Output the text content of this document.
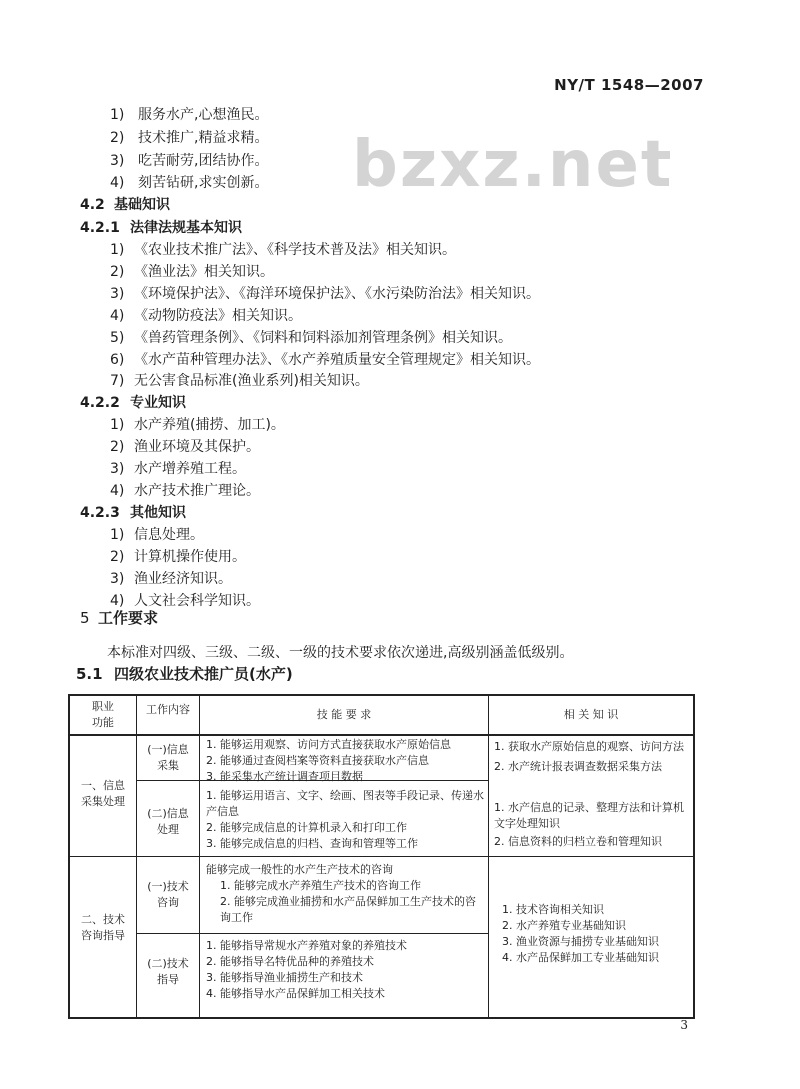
NY/T 1548—2007
bzxz.net
1) 服务水产,心想渔民。
2) 技术推广,精益求精。
3) 吃苦耐劳,团结协作。
4) 刻苦钻研,求实创新。
4.2 基础知识
4.2.1 法律法规基本知识
1) 《农业技术推广法》、《科学技术普及法》相关知识。
2) 《渔业法》相关知识。
3) 《环境保护法》、《海洋环境保护法》、《水污染防治法》相关知识。
4) 《动物防疫法》相关知识。
5) 《兽药管理条例》、《饲料和饲料添加剂管理条例》相关知识。
6) 《水产苗种管理办法》、《水产养殖质量安全管理规定》相关知识。
7) 无公害食品标准(渔业系列)相关知识。
4.2.2 专业知识
1) 水产养殖(捕捞、加工)。
2) 渔业环境及其保护。
3) 水产增养殖工程。
4) 水产技术推广理论。
4.2.3 其他知识
1) 信息处理。
2) 计算机操作使用。
3) 渔业经济知识。
4) 人文社会科学知识。
5 工作要求
本标准对四级、三级、二级、一级的技术要求依次递进,高级别涵盖低级别。
5.1 四级农业技术推广员(水产)
职业
功能
工作内容	技 能 要 求	相 关 知 识
一、信息
采集处理
(一)信息
采集
1. 能够运用观察、访问方式直接获取水产原始信息
2. 能够通过查阅档案等资料直接获取水产信息
3. 能采集水产统计调查项目数据
1. 获取水产原始信息的观察、访问方法
2. 水产统计报表调查数据采集方法
(二)信息
处理
1. 能够运用语言、文字、绘画、图表等手段记录、传递水产信息
2. 能够完成信息的计算机录入和打印工作
3. 能够完成信息的归档、查询和管理等工作
1. 水产信息的记录、整理方法和计算机文字处理知识
2. 信息资料的归档立卷和管理知识
二、技术
咨询指导
(一)技术
咨询
能够完成一般性的水产生产技术的咨询
1. 能够完成水产养殖生产技术的咨询工作
2. 能够完成渔业捕捞和水产品保鲜加工生产技术的咨询工作
(二)技术
指导
1. 能够指导常规水产养殖对象的养殖技术
2. 能够指导名特优品种的养殖技术
3. 能够指导渔业捕捞生产和技术
4. 能够指导水产品保鲜加工相关技术
1. 技术咨询相关知识
2. 水产养殖专业基础知识
3. 渔业资源与捕捞专业基础知识
4. 水产品保鲜加工专业基础知识
3
